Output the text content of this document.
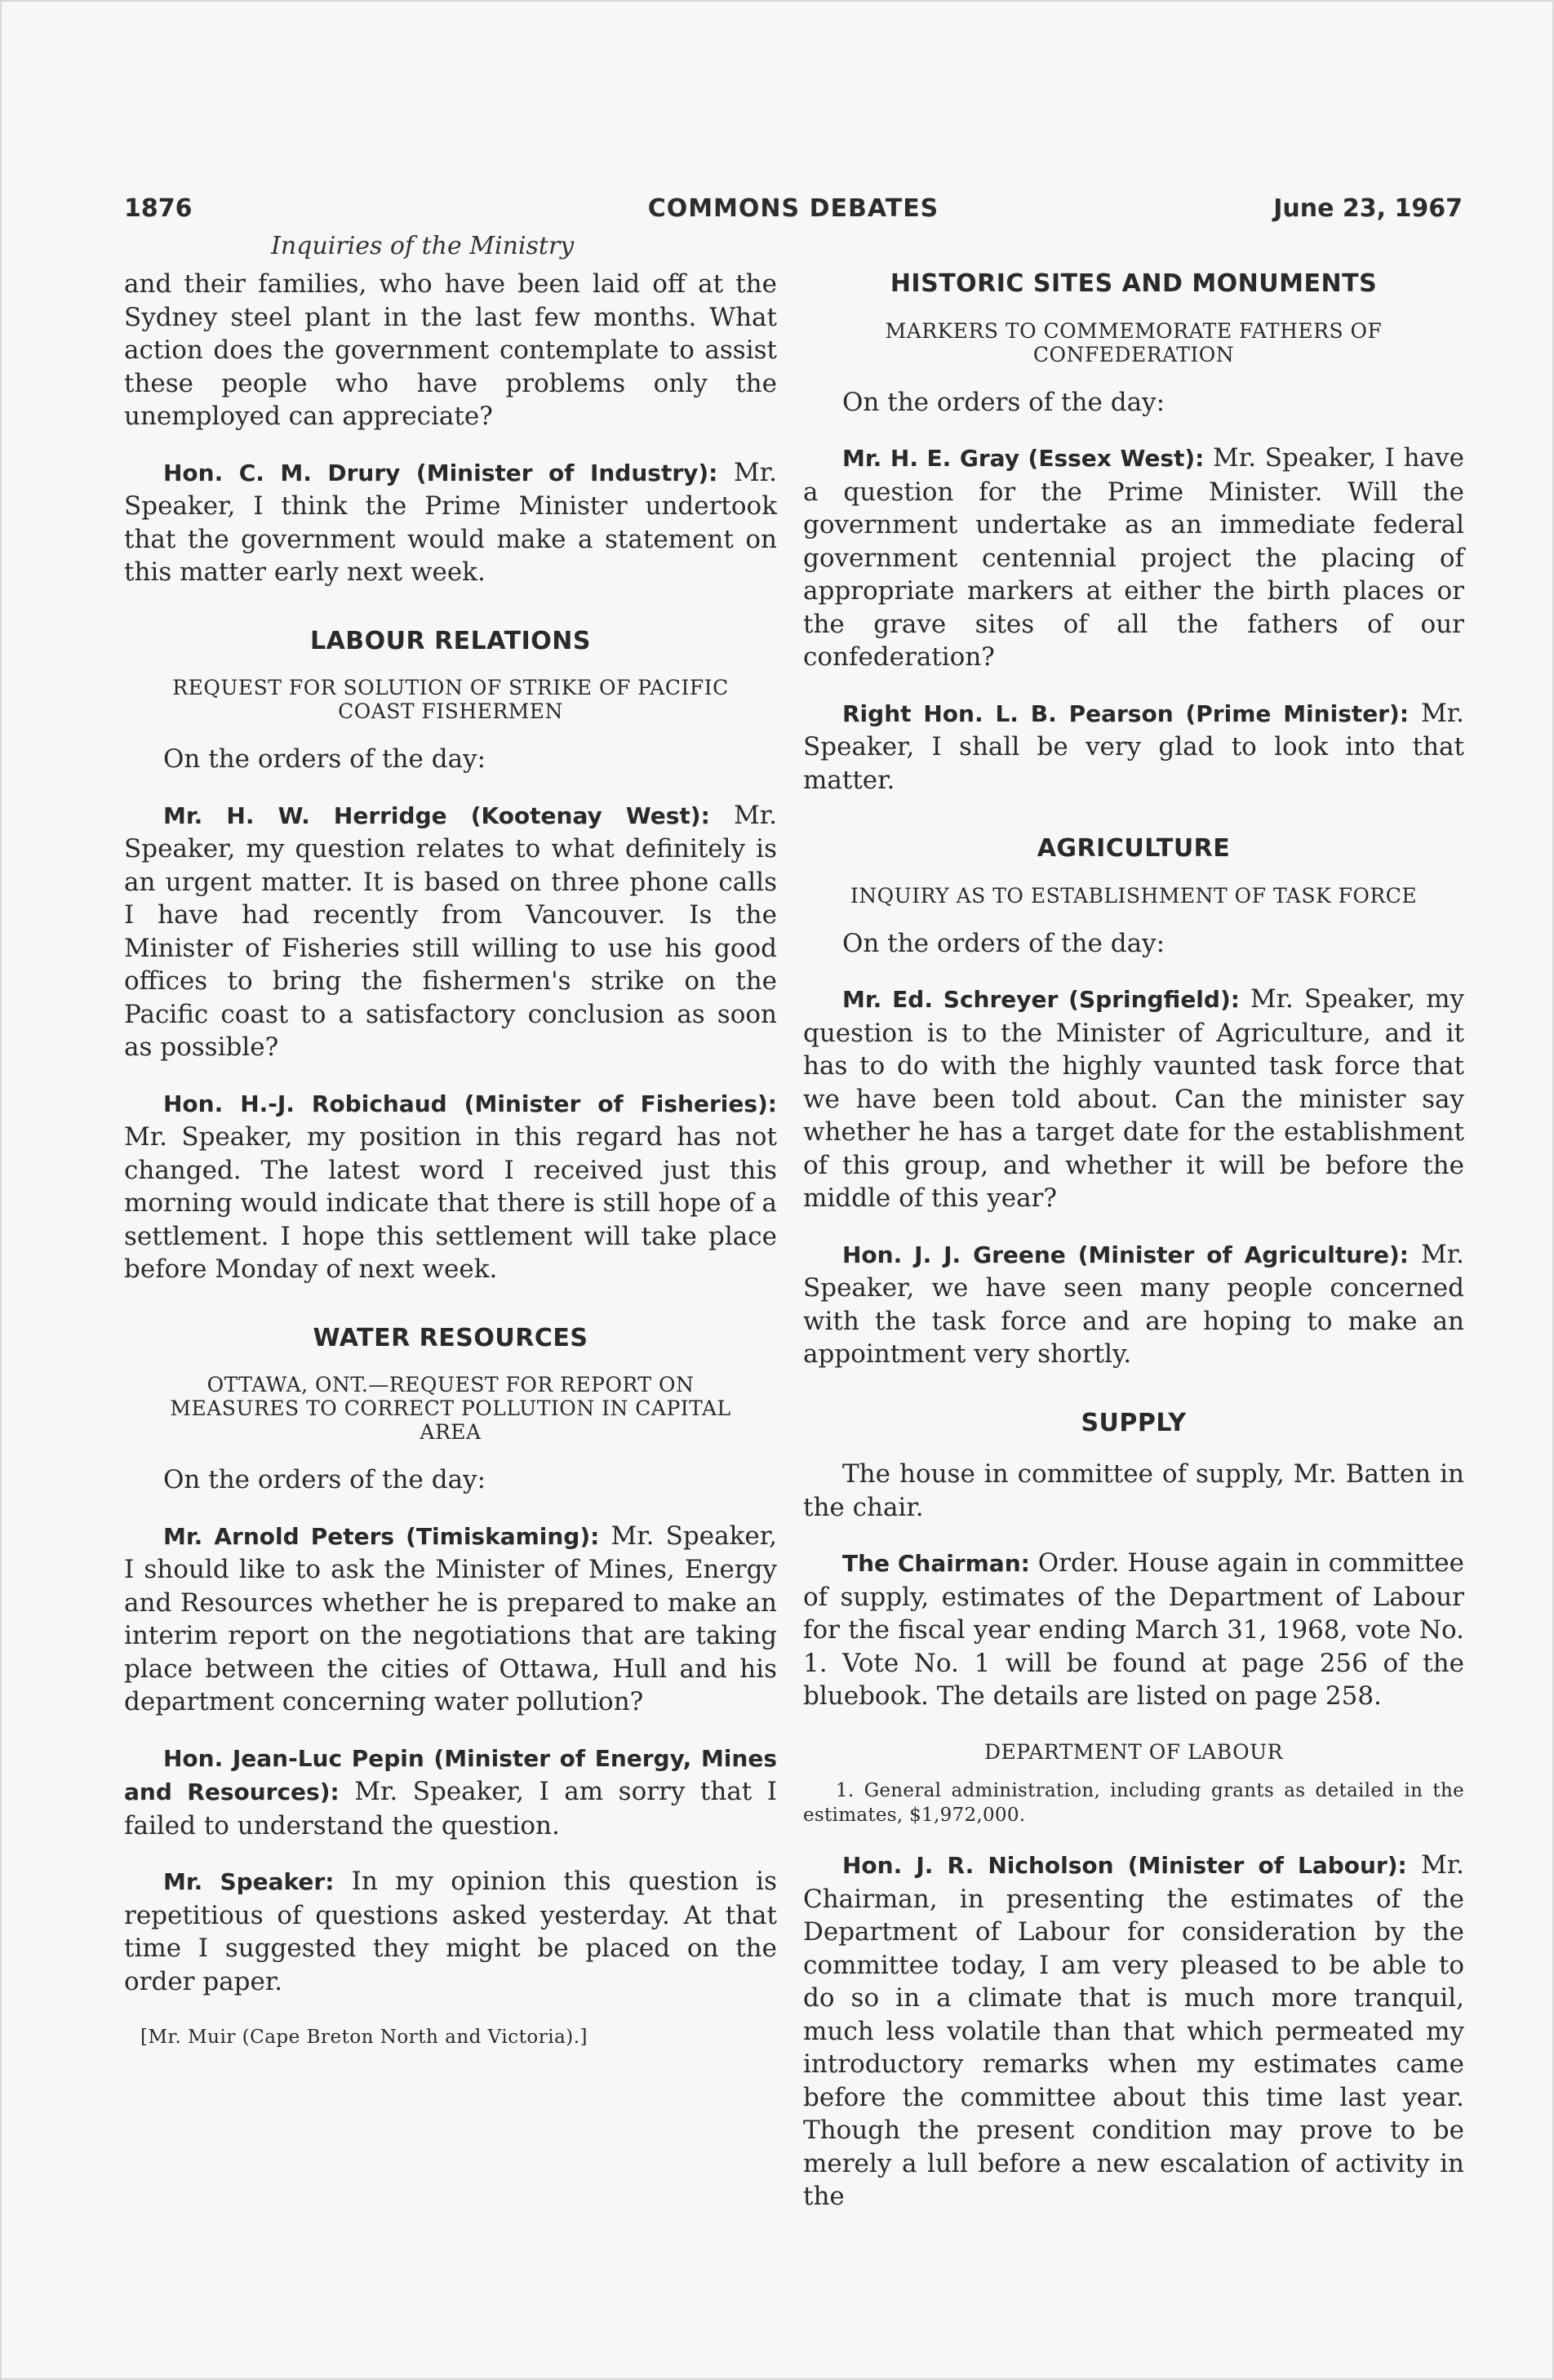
1876	COMMONS DEBATES	June 23, 1967
Inquiries of the Ministry

and their families, who have been laid off at the Sydney steel plant in the last few months. What action does the government contemplate to assist these people who have problems only the unemployed can appreciate?

Hon. C. M. Drury (Minister of Industry): Mr. Speaker, I think the Prime Minister undertook that the government would make a statement on this matter early next week.

LABOUR RELATIONS
REQUEST FOR SOLUTION OF STRIKE OF PACIFIC COAST FISHERMEN

On the orders of the day:

Mr. H. W. Herridge (Kootenay West): Mr. Speaker, my question relates to what definitely is an urgent matter. It is based on three phone calls I have had recently from Vancouver. Is the Minister of Fisheries still willing to use his good offices to bring the fishermen's strike on the Pacific coast to a satisfactory conclusion as soon as possible?

Hon. H.-J. Robichaud (Minister of Fisheries): Mr. Speaker, my position in this regard has not changed. The latest word I received just this morning would indicate that there is still hope of a settlement. I hope this settlement will take place before Monday of next week.

WATER RESOURCES
OTTAWA, ONT.—REQUEST FOR REPORT ON MEASURES TO CORRECT POLLUTION IN CAPITAL AREA

On the orders of the day:

Mr. Arnold Peters (Timiskaming): Mr. Speaker, I should like to ask the Minister of Mines, Energy and Resources whether he is prepared to make an interim report on the negotiations that are taking place between the cities of Ottawa, Hull and his department concerning water pollution?

Hon. Jean-Luc Pepin (Minister of Energy, Mines and Resources): Mr. Speaker, I am sorry that I failed to understand the question.

Mr. Speaker: In my opinion this question is repetitious of questions asked yesterday. At that time I suggested they might be placed on the order paper.

[Mr. Muir (Cape Breton North and Victoria).]
HISTORIC SITES AND MONUMENTS
MARKERS TO COMMEMORATE FATHERS OF CONFEDERATION

On the orders of the day:

Mr. H. E. Gray (Essex West): Mr. Speaker, I have a question for the Prime Minister. Will the government undertake as an immediate federal government centennial project the placing of appropriate markers at either the birth places or the grave sites of all the fathers of our confederation?

Right Hon. L. B. Pearson (Prime Minister): Mr. Speaker, I shall be very glad to look into that matter.

AGRICULTURE
INQUIRY AS TO ESTABLISHMENT OF TASK FORCE

On the orders of the day:

Mr. Ed. Schreyer (Springfield): Mr. Speaker, my question is to the Minister of Agriculture, and it has to do with the highly vaunted task force that we have been told about. Can the minister say whether he has a target date for the establishment of this group, and whether it will be before the middle of this year?

Hon. J. J. Greene (Minister of Agriculture): Mr. Speaker, we have seen many people concerned with the task force and are hoping to make an appointment very shortly.

SUPPLY

The house in committee of supply, Mr. Batten in the chair.

The Chairman: Order. House again in committee of supply, estimates of the Department of Labour for the fiscal year ending March 31, 1968, vote No. 1. Vote No. 1 will be found at page 256 of the bluebook. The details are listed on page 258.

DEPARTMENT OF LABOUR
1. General administration, including grants as detailed in the estimates, $1,972,000.

Hon. J. R. Nicholson (Minister of Labour): Mr. Chairman, in presenting the estimates of the Department of Labour for consideration by the committee today, I am very pleased to be able to do so in a climate that is much more tranquil, much less volatile than that which permeated my introductory remarks when my estimates came before the committee about this time last year. Though the present condition may prove to be merely a lull before a new escalation of activity in the
